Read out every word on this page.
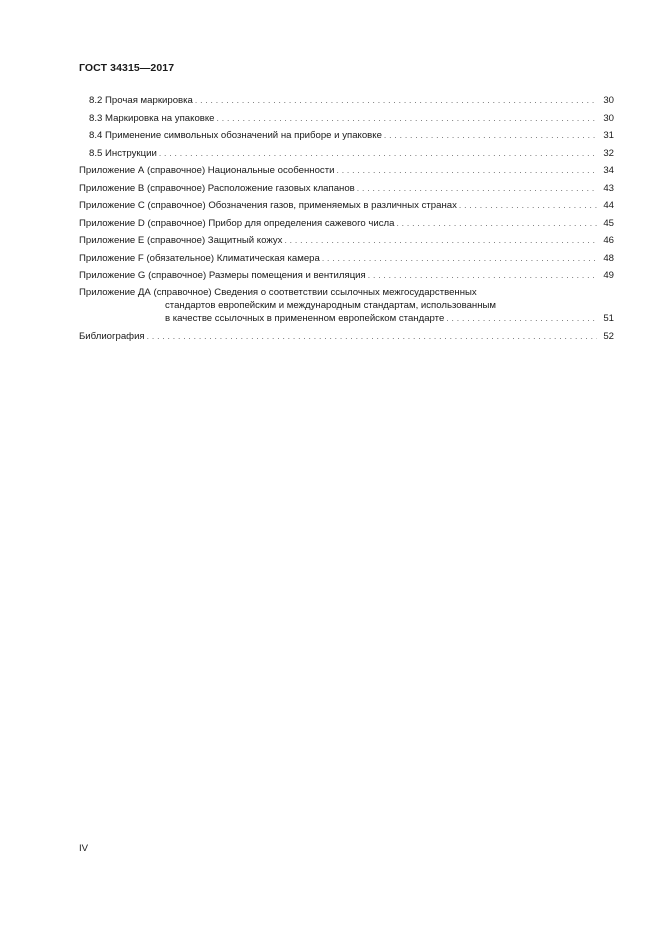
ГОСТ 34315—2017
8.2 Прочая маркировка . . .	30
8.3 Маркировка на упаковке . . .	30
8.4 Применение символьных обозначений на приборе и упаковке . . .	31
8.5 Инструкции . . .	32
Приложение А (справочное) Национальные особенности . . .	34
Приложение В (справочное) Расположение газовых клапанов . . .	43
Приложение С (справочное) Обозначения газов, применяемых в различных странах . . .	44
Приложение D (справочное) Прибор для определения сажевого числа . . .	45
Приложение Е (справочное) Защитный кожух . . .	46
Приложение F (обязательное) Климатическая камера . . .	48
Приложение G (справочное) Размеры помещения и вентиляция . . .	49
Приложение ДА (справочное) Сведения о соответствии ссылочных межгосударственных
стандартов европейским и международным стандартам, использованным
в качестве ссылочных в примененном европейском стандарте . . .	51
Библиография . . .	52
IV
